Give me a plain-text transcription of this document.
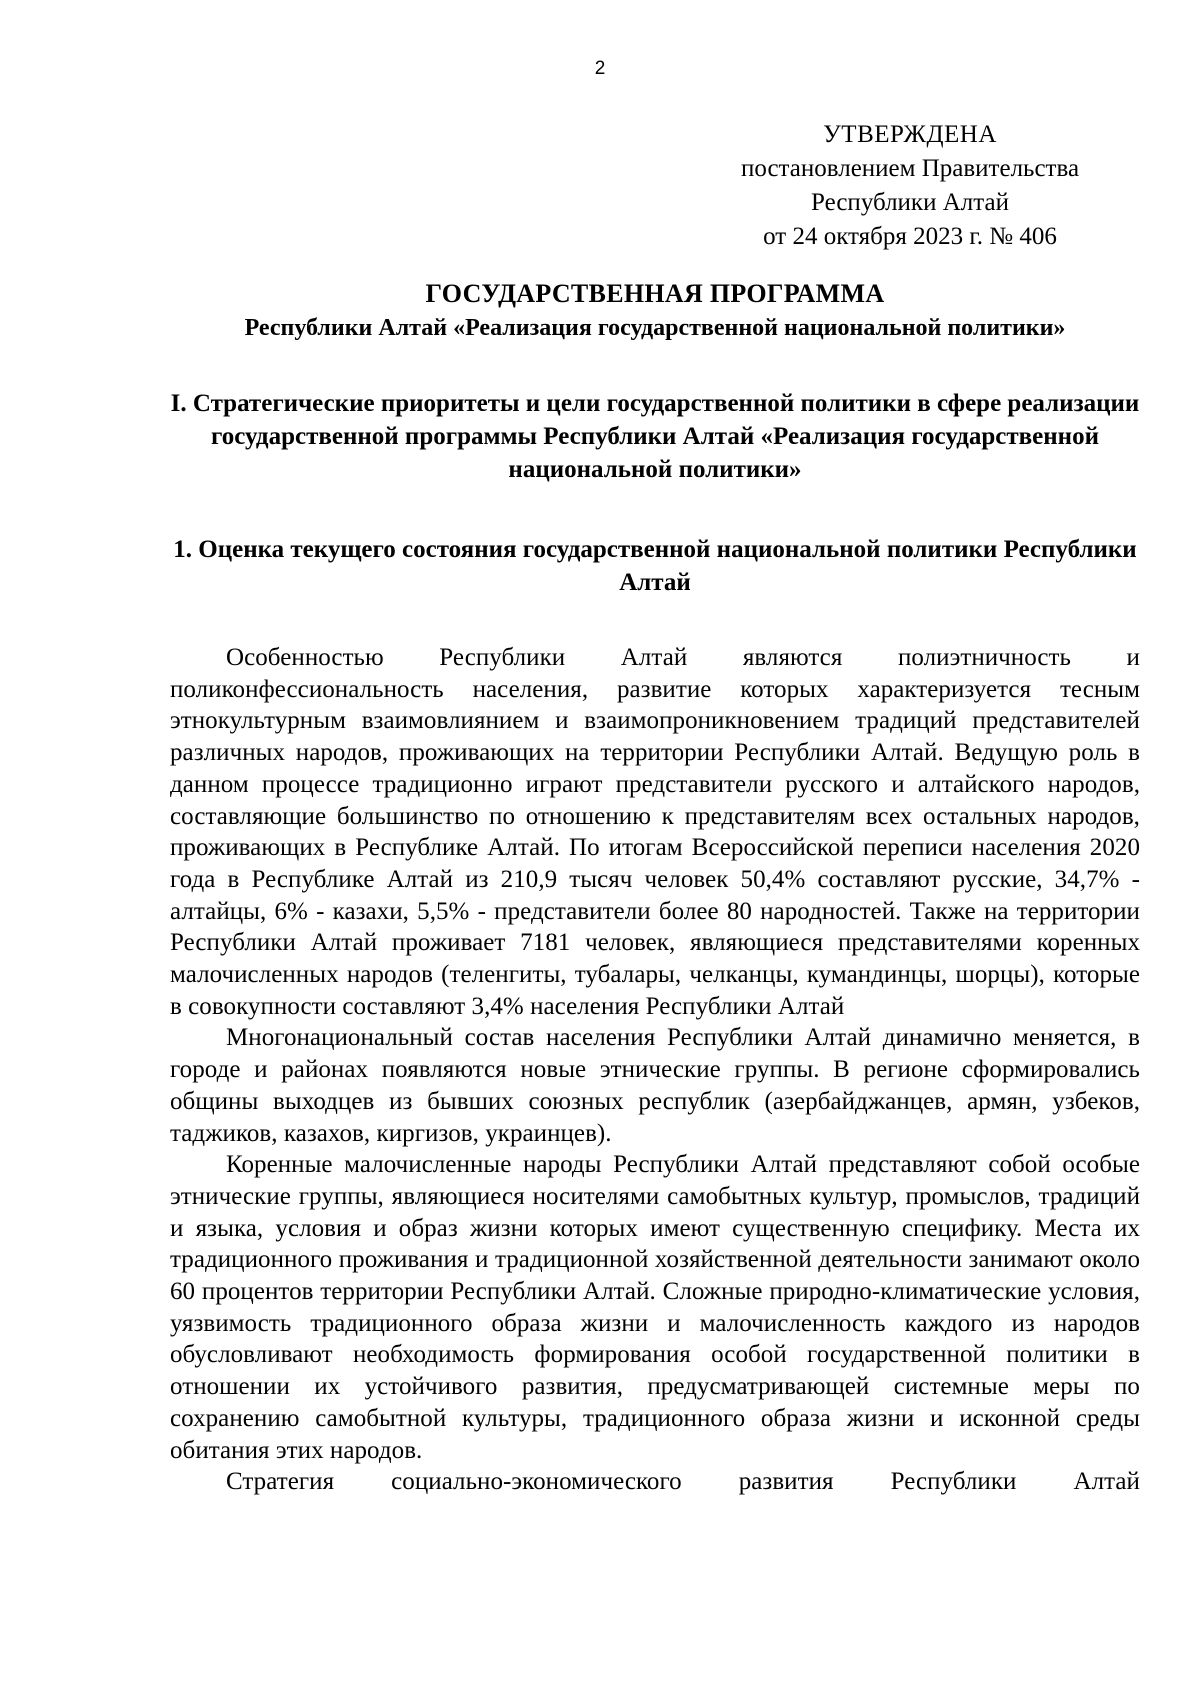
2
УТВЕРЖДЕНА
постановлением Правительства
Республики Алтай
от 24 октября 2023 г. № 406

ГОСУДАРСТВЕННАЯ ПРОГРАММА

Республики Алтай «Реализация государственной национальной политики»

I. Стратегические приоритеты и цели государственной политики в сфере реализации государственной программы Республики Алтай «Реализация государственной национальной политики»

1. Оценка текущего состояния государственной национальной политики Республики Алтай

Особенностью Республики Алтай являются полиэтничность и поликонфессиональность населения, развитие которых характеризуется тесным этнокультурным взаимовлиянием и взаимопроникновением традиций представителей различных народов, проживающих на территории Республики Алтай. Ведущую роль в данном процессе традиционно играют представители русского и алтайского народов, составляющие большинство по отношению к представителям всех остальных народов, проживающих в Республике Алтай. По итогам Всероссийской переписи населения 2020 года в Республике Алтай из 210,9 тысяч человек 50,4% составляют русские, 34,7% - алтайцы, 6% - казахи, 5,5% - представители более 80 народностей. Также на территории Республики Алтай проживает 7181 человек, являющиеся представителями коренных малочисленных народов (теленгиты, тубалары, челканцы, кумандинцы, шорцы), которые в совокупности составляют 3,4% населения Республики Алтай

Многонациональный состав населения Республики Алтай динамично меняется, в городе и районах появляются новые этнические группы. В регионе сформировались общины выходцев из бывших союзных республик (азербайджанцев, армян, узбеков, таджиков, казахов, киргизов, украинцев).

Коренные малочисленные народы Республики Алтай представляют собой особые этнические группы, являющиеся носителями самобытных культур, промыслов, традиций и языка, условия и образ жизни которых имеют существенную специфику. Места их традиционного проживания и традиционной хозяйственной деятельности занимают около 60 процентов территории Республики Алтай. Сложные природно-климатические условия, уязвимость традиционного образа жизни и малочисленность каждого из народов обусловливают необходимость формирования особой государственной политики в отношении их устойчивого развития, предусматривающей системные меры по сохранению самобытной культуры, традиционного образа жизни и исконной среды обитания этих народов.

Стратегия социально-экономического развития Республики Алтай
